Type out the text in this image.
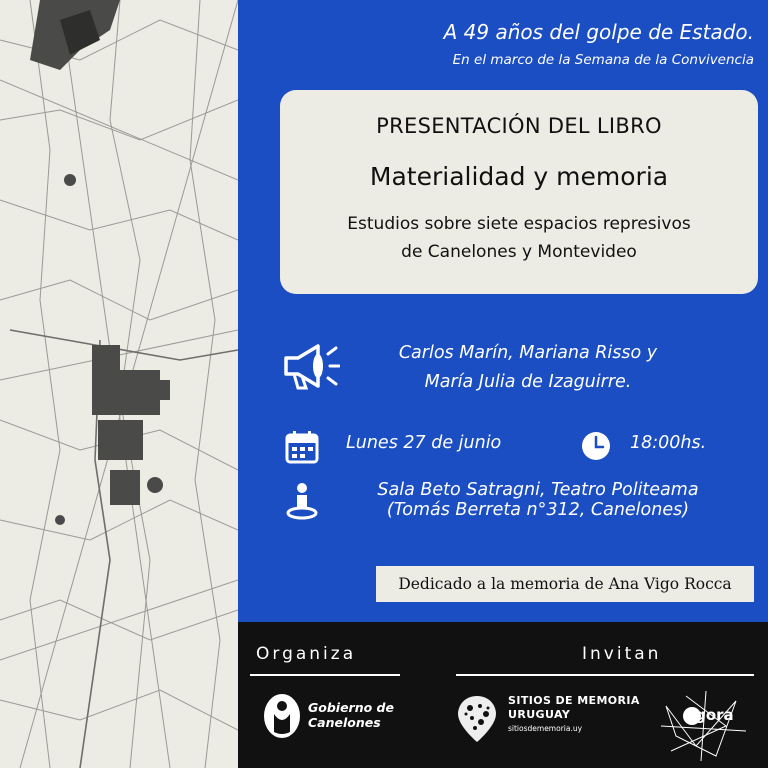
A 49 años del golpe de Estado.
En el marco de la Semana de la Convivencia
PRESENTACIÓN DEL LIBRO
Materialidad y memoria
Estudios sobre siete espacios represivos
de Canelones y Montevideo
Carlos Marín, Mariana Risso y
María Julia de Izaguirre.
Lunes 27 de junio	18:00hs.
Sala Beto Satragni, Teatro Politeama
(Tomás Berreta n°312, Canelones)
Dedicado a la memoria de Ana Vigo Rocca
Organiza	Invitan
Gobierno de
Canelones
SITIOS DE MEMORIA
URUGUAY
sitiosdememoria.uy
agora
